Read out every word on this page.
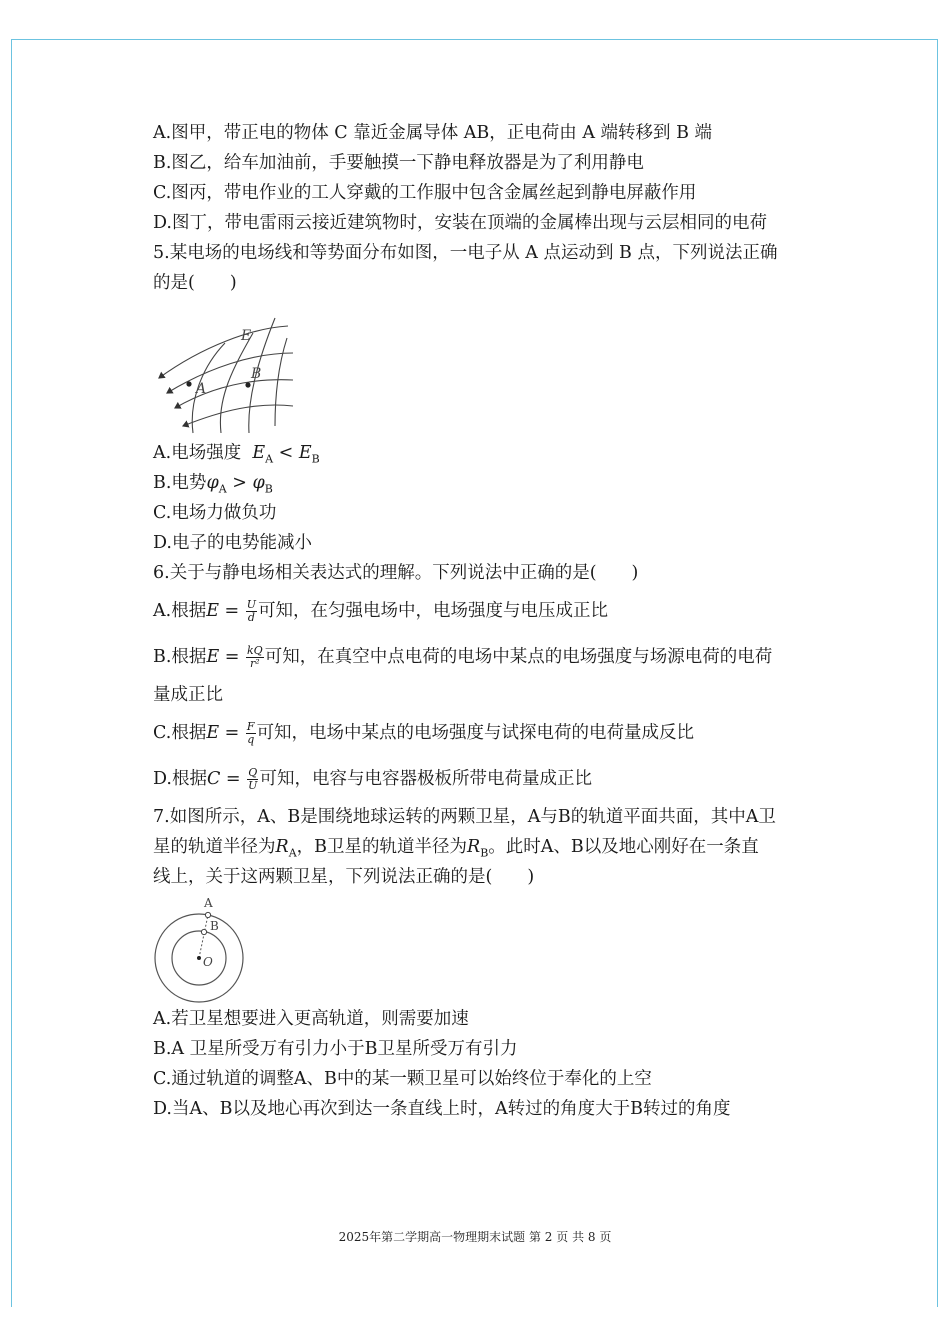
A.图甲，带正电的物体 C 靠近金属导体 AB，正电荷由 A 端转移到 B 端
B.图乙，给车加油前，手要触摸一下静电释放器是为了利用静电
C.图丙，带电作业的工人穿戴的工作服中包含金属丝起到静电屏蔽作用
D.图丁，带电雷雨云接近建筑物时，安装在顶端的金属棒出现与云层相同的电荷
5.某电场的电场线和等势面分布如图，一电子从 A 点运动到 B 点，下列说法正确
的是(　　)
E
A
B
A.电场强度 $E_A < E_B$
B.电势$\varphi_A > \varphi_B$
C.电场力做负功
D.电子的电势能减小
6.关于与静电场相关表达式的理解。下列说法中正确的是(　　)
A.根据$E = \frac{U}{d}$ 可知，在匀强电场中，电场强度与电压成正比
B.根据$E = \frac{kQ}{\text{r²}}$ 可知，在真空中点电荷的电场中某点的电场强度与场源电荷的电荷
量成正比
C.根据$E = \frac{F}{q}$ 可知，电场中某点的电场强度与试探电荷的电荷量成反比
D.根据$C = \frac{Q}{U}$ 可知，电容与电容器极板所带电荷量成正比
7.如图所示，A、B是围绕地球运转的两颗卫星，A与B的轨道平面共面，其中A卫
星的轨道半径为$R_A$，B卫星的轨道半径为$R_B$。此时A、B以及地心刚好在一条直
线上，关于这两颗卫星，下列说法正确的是(　　)
A
B
O
A.若卫星想要进入更高轨道，则需要加速
B.A 卫星所受万有引力小于B卫星所受万有引力
C.通过轨道的调整A、B中的某一颗卫星可以始终位于奉化的上空
D.当A、B以及地心再次到达一条直线上时，A转过的角度大于B转过的角度
2025年第二学期高一物理期末试题 第 2 页 共 8 页
